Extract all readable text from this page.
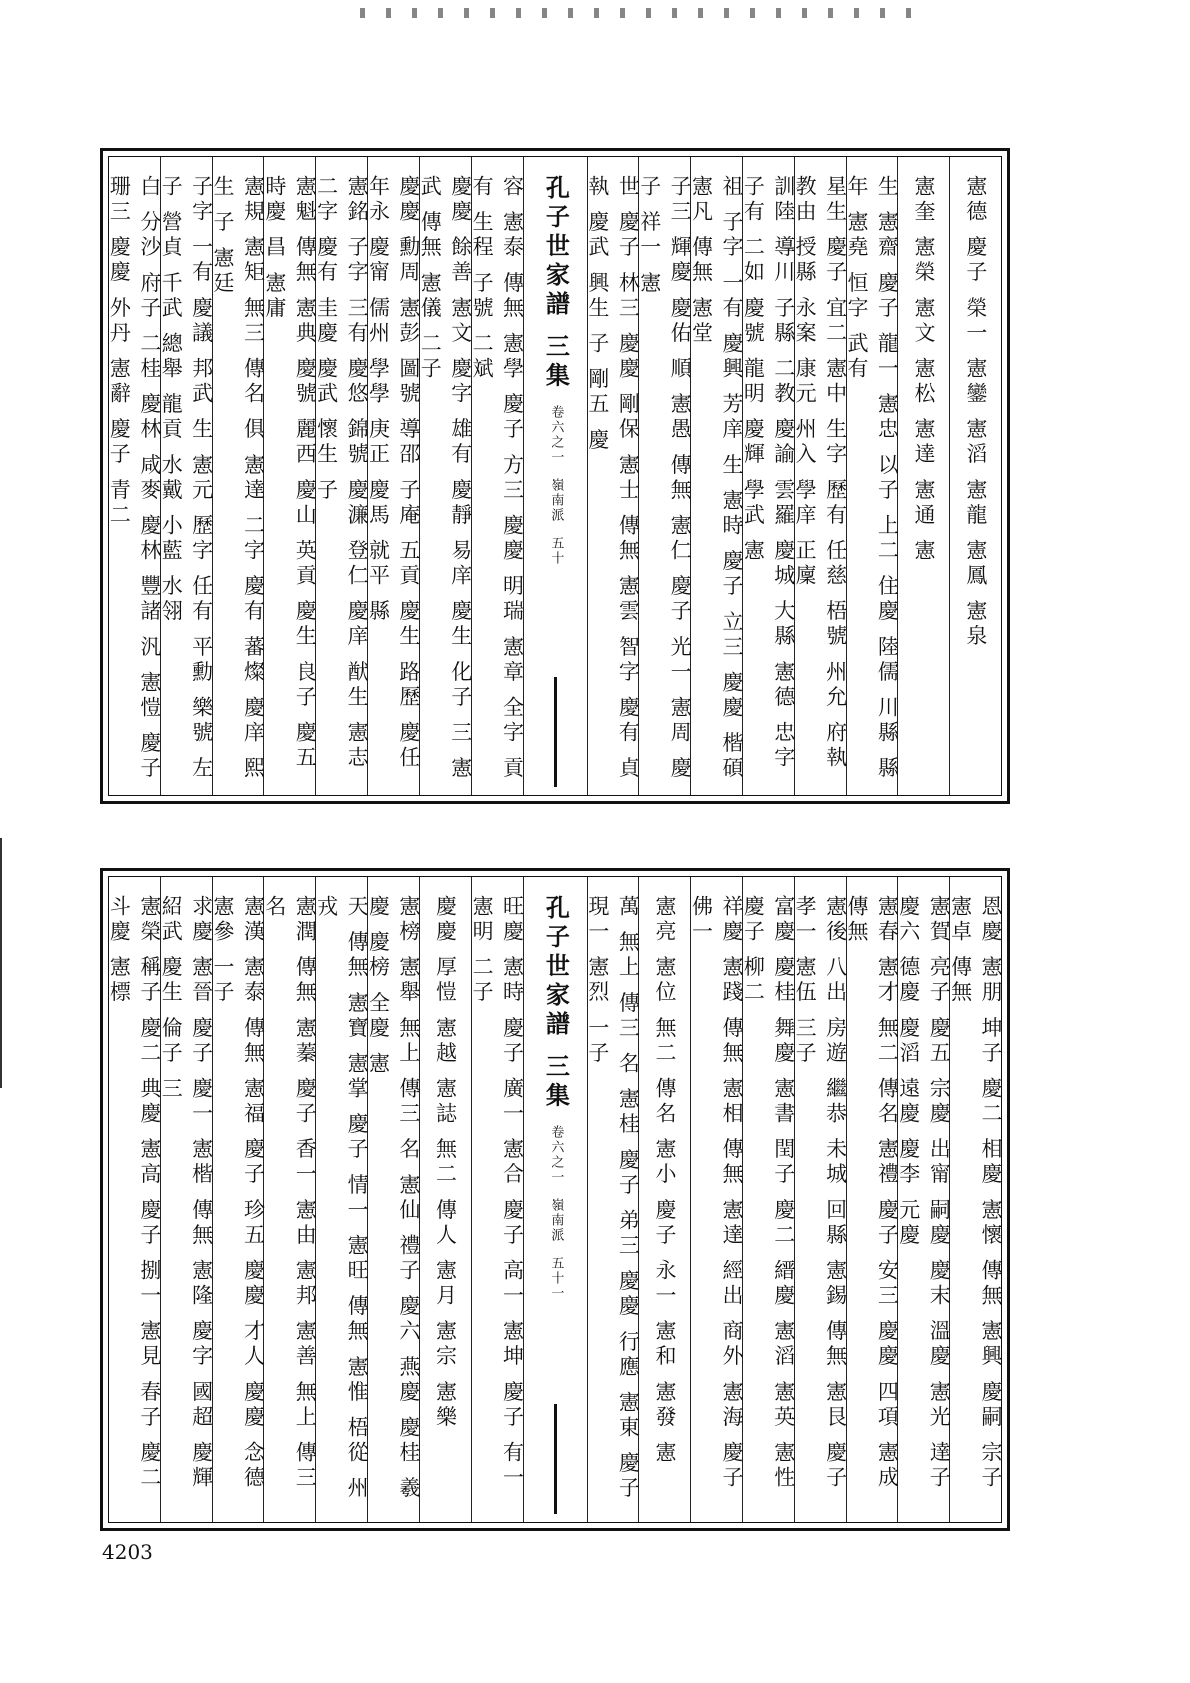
憲德 慶子 榮一 憲鑾 憲滔 憲龍 憲鳳 憲泉
憲奎 憲榮 憲文 憲松 憲達 憲通 憲
生 憲齋 慶子 龍一 憲忠 以子 上二 住慶 陸儒 川縣 縣年 憲堯 恒字 武有
星生 慶子 宜二 憲中 生字 歷有 任慈 梧號 州允 府執 教由 授縣 永案 康元 州入 學庠 正廩
訓陸 導川 子縣 二教 慶諭 雲羅 慶城 大縣 憲德 忠字 子有 二如 慶號 龍明 慶輝 學武 憲
祖 子字 一有 慶興 芳庠 生 憲時 慶子 立三 慶慶 楷碩 憲凡 傳無 憲堂
子三 輝慶 慶佑 順 憲愚 傳無 憲仁 慶子 光一 憲周 慶子 祥一 憲
世 慶子 林三 慶慶 剛保 憲士 傳無 憲雲 智字 慶有 貞執 慶武 興生 子 剛五 慶
孔子世家譜 三集 卷六之一 嶺南派 五十
容 憲泰 傳無 憲學 慶子 方三 慶慶 明瑞 憲章 全字 貢有 生程 子號 二斌
慶慶 餘善 憲文 慶字 雄有 慶靜 易庠 慶生 化子 三 憲武 傳無 憲儀 二子
慶慶 勳周 憲彭 圖號 導邵 子庵 五貢 慶生 路歷 慶任 年永 慶甯 儒州 學學 庚正 慶馬 就平 縣
憲銘 子字 三有 慶悠 錦號 慶濂 登仁 慶庠 猷生 憲志 二字 慶有 圭慶 慶武 懷生 子
憲魁 傳無 憲典 慶號 麗西 慶山 英貢 慶生 良子 慶五 時慶 昌 憲庸
憲規 憲矩 無三 傳名 俱 憲達 二字 慶有 蕃燦 慶庠 熙生 子 憲廷
子字 一有 慶議 邦武 生 憲元 歷字 任有 平勳 樂號 左子 營貞 千武 總舉 龍貢 水戴 小藍 水翎
白 分沙 府子 二桂 慶林 咸麥 慶林 豐諸 汎 憲愷 慶子 珊三 慶慶 外丹 憲辭 慶子 青二
恩慶 憲朋 坤子 慶二 相慶 憲懷 傳無 憲興 慶嗣 宗子 憲卓 傳無
憲賀 亮子 慶五 宗慶 出甯 嗣慶 慶末 溫慶 憲光 達子 慶六 德慶 慶滔 遠慶 慶李 元慶
憲春 憲才 無二 傳名 憲禮 慶子 安三 慶慶 四項 憲成 傳無
憲後 八出 房遊 繼恭 未城 回縣 憲錫 傳無 憲艮 慶子 孝一 憲伍 三子
富慶 慶桂 舞慶 憲書 閏子 慶二 縉慶 憲滔 憲英 憲性 慶子 柳二
祥慶 憲踐 傳無 憲相 傳無 憲達 經出 商外 憲海 慶子 佛一
憲亮 憲位 無二 傳名 憲小 慶子 永一 憲和 憲發 憲
萬 無上 傳三 名 憲桂 慶子 弟三 慶慶 行應 憲東 慶子 現一 憲烈 一子
孔子世家譜 三集 卷六之一 嶺南派 五十一
旺慶 憲時 慶子 廣一 憲合 慶子 高一 憲坤 慶子 有一 憲明 二子
慶慶 厚愷 憲越 憲誌 無二 傳人 憲月 憲宗 憲樂
憲榜 憲舉 無上 傳三 名 憲仙 禮子 慶六 燕慶 慶桂 羲慶 慶榜 全慶 憲
天 傳無 憲寶 憲掌 慶子 情一 憲旺 傳無 憲惟 梧從 州戎
憲潤 傳無 憲蓁 慶子 香一 憲由 憲邦 憲善 無上 傳三 名
憲漢 憲泰 傳無 憲福 慶子 珍五 慶慶 才人 慶慶 念德 憲參 一子
求慶 憲晉 慶子 慶一 憲楷 傳無 憲隆 慶字 國超 慶輝 紹武 慶生 倫子 三
憲榮 稱子 慶二 典慶 憲高 慶子 捌一 憲見 春子 慶二 斗慶 憲標
4203
